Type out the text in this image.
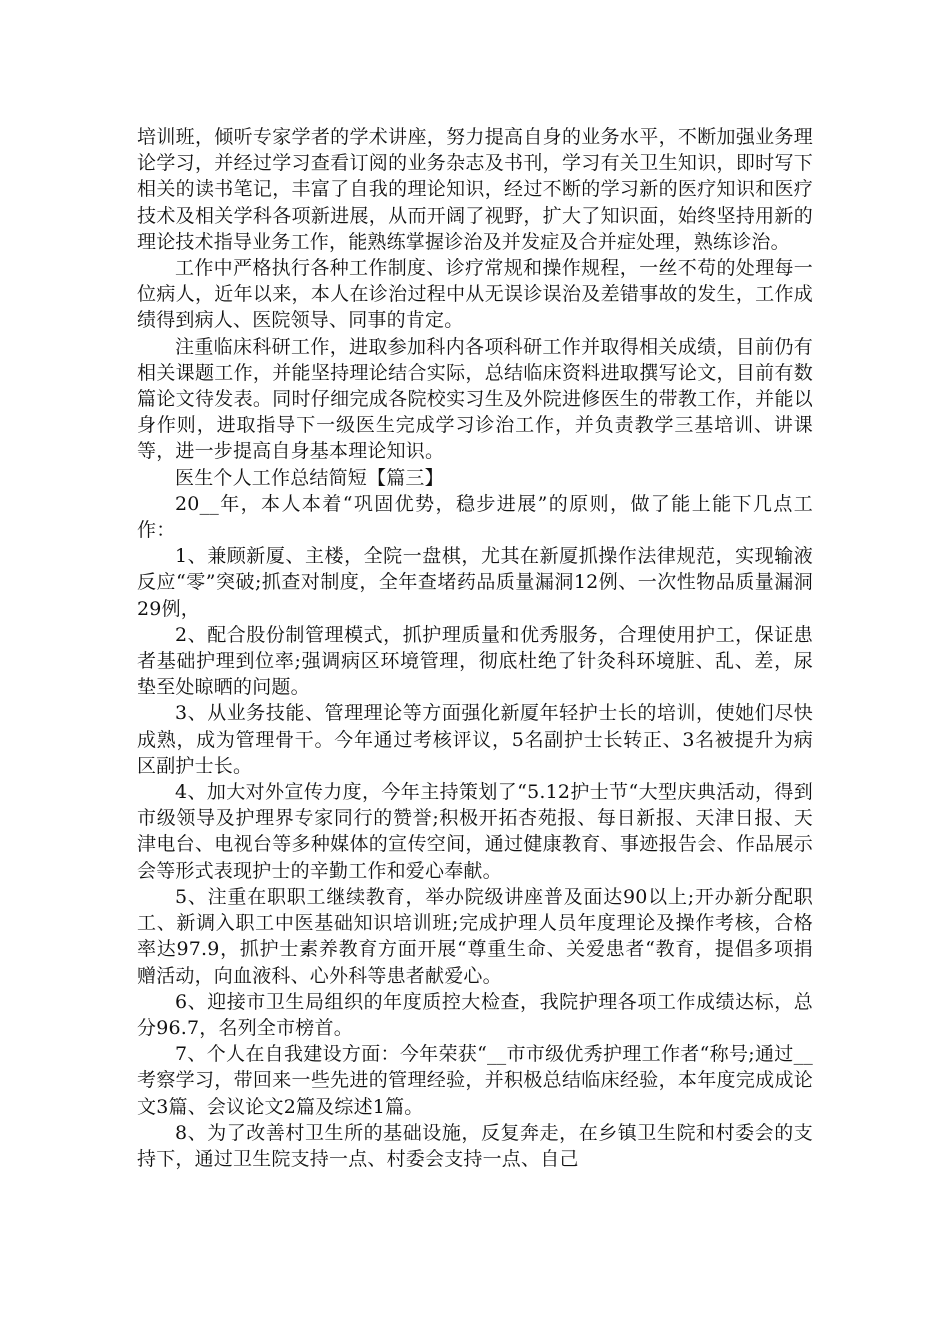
培训班，倾听专家学者的学术讲座，努力提高自身的业务水平，不断加强业务理论学习，并经过学习查看订阅的业务杂志及书刊，学习有关卫生知识，即时写下相关的读书笔记，丰富了自我的理论知识，经过不断的学习新的医疗知识和医疗技术及相关学科各项新进展，从而开阔了视野，扩大了知识面，始终坚持用新的理论技术指导业务工作，能熟练掌握诊治及并发症及合并症处理，熟练诊治。

工作中严格执行各种工作制度、诊疗常规和操作规程，一丝不苟的处理每一位病人，近年以来，本人在诊治过程中从无误诊误治及差错事故的发生，工作成绩得到病人、医院领导、同事的肯定。

注重临床科研工作，进取参加科内各项科研工作并取得相关成绩，目前仍有相关课题工作，并能坚持理论结合实际，总结临床资料进取撰写论文，目前有数篇论文待发表。同时仔细完成各院校实习生及外院进修医生的带教工作，并能以身作则，进取指导下一级医生完成学习诊治工作，并负责教学三基培训、讲课等，进一步提高自身基本理论知识。

医生个人工作总结简短【篇三】

20__年，本人本着“巩固优势，稳步进展”的原则，做了能上能下几点工作：

1、兼顾新厦、主楼，全院一盘棋，尤其在新厦抓操作法律规范，实现输液反应“零”突破;抓查对制度，全年查堵药品质量漏洞12例、一次性物品质量漏洞29例，

2、配合股份制管理模式，抓护理质量和优秀服务，合理使用护工，保证患者基础护理到位率;强调病区环境管理，彻底杜绝了针灸科环境脏、乱、差，尿垫至处晾晒的问题。

3、从业务技能、管理理论等方面强化新厦年轻护士长的培训，使她们尽快成熟，成为管理骨干。今年通过考核评议，5名副护士长转正、3名被提升为病区副护士长。

4、加大对外宣传力度，今年主持策划了“5.12护士节“大型庆典活动，得到市级领导及护理界专家同行的赞誉;积极开拓杏苑报、每日新报、天津日报、天津电台、电视台等多种媒体的宣传空间，通过健康教育、事迹报告会、作品展示会等形式表现护士的辛勤工作和爱心奉献。

5、注重在职职工继续教育，举办院级讲座普及面达90以上;开办新分配职工、新调入职工中医基础知识培训班;完成护理人员年度理论及操作考核，合格率达97.9，抓护士素养教育方面开展“尊重生命、关爱患者“教育，提倡多项捐赠活动，向血液科、心外科等患者献爱心。

6、迎接市卫生局组织的年度质控大检查，我院护理各项工作成绩达标，总分96.7，名列全市榜首。

7、个人在自我建设方面：今年荣获“__市市级优秀护理工作者“称号;通过__考察学习，带回来一些先进的管理经验，并积极总结临床经验，本年度完成成论文3篇、会议论文2篇及综述1篇。

8、为了改善村卫生所的基础设施，反复奔走，在乡镇卫生院和村委会的支持下，通过卫生院支持一点、村委会支持一点、自己
